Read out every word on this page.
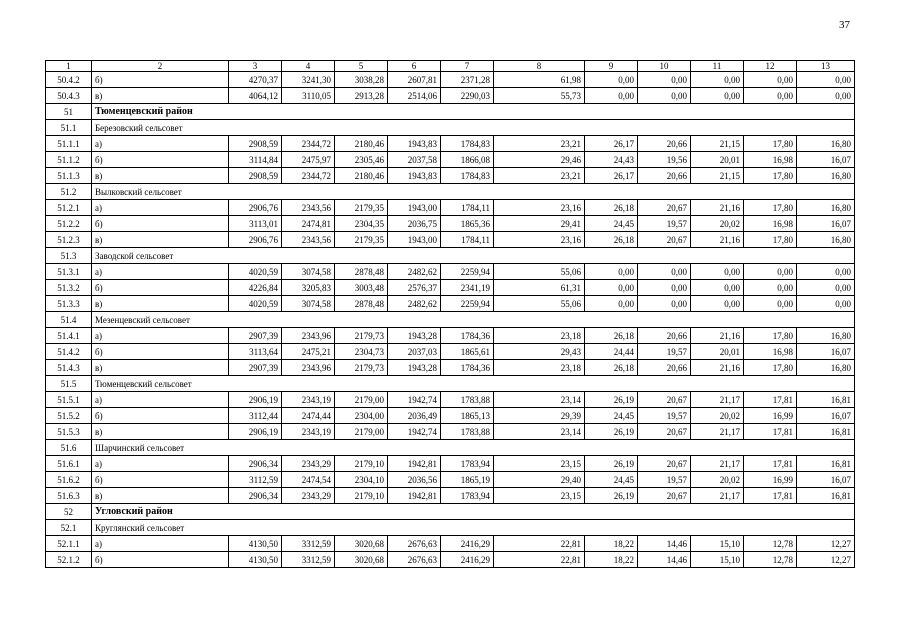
37
1	2	3	4	5	6	7	8	9	10	11	12	13
50.4.2	б)	4270,37	3241,30	3038,28	2607,81	2371,28	61,98	0,00	0,00	0,00	0,00	0,00
50.4.3	в)	4064,12	3110,05	2913,28	2514,06	2290,03	55,73	0,00	0,00	0,00	0,00	0,00
51	Тюменцевский район											
51.1	Березовский сельсовет											
51.1.1	а)	2908,59	2344,72	2180,46	1943,83	1784,83	23,21	26,17	20,66	21,15	17,80	16,80
51.1.2	б)	3114,84	2475,97	2305,46	2037,58	1866,08	29,46	24,43	19,56	20,01	16,98	16,07
51.1.3	в)	2908,59	2344,72	2180,46	1943,83	1784,83	23,21	26,17	20,66	21,15	17,80	16,80
51.2	Вылковский сельсовет											
51.2.1	а)	2906,76	2343,56	2179,35	1943,00	1784,11	23,16	26,18	20,67	21,16	17,80	16,80
51.2.2	б)	3113,01	2474,81	2304,35	2036,75	1865,36	29,41	24,45	19,57	20,02	16,98	16,07
51.2.3	в)	2906,76	2343,56	2179,35	1943,00	1784,11	23,16	26,18	20,67	21,16	17,80	16,80
51.3	Заводской сельсовет											
51.3.1	а)	4020,59	3074,58	2878,48	2482,62	2259,94	55,06	0,00	0,00	0,00	0,00	0,00
51.3.2	б)	4226,84	3205,83	3003,48	2576,37	2341,19	61,31	0,00	0,00	0,00	0,00	0,00
51.3.3	в)	4020,59	3074,58	2878,48	2482,62	2259,94	55,06	0,00	0,00	0,00	0,00	0,00
51.4	Мезенцевский сельсовет											
51.4.1	а)	2907,39	2343,96	2179,73	1943,28	1784,36	23,18	26,18	20,66	21,16	17,80	16,80
51.4.2	б)	3113,64	2475,21	2304,73	2037,03	1865,61	29,43	24,44	19,57	20,01	16,98	16,07
51.4.3	в)	2907,39	2343,96	2179,73	1943,28	1784,36	23,18	26,18	20,66	21,16	17,80	16,80
51.5	Тюменцевский сельсовет											
51.5.1	а)	2906,19	2343,19	2179,00	1942,74	1783,88	23,14	26,19	20,67	21,17	17,81	16,81
51.5.2	б)	3112,44	2474,44	2304,00	2036,49	1865,13	29,39	24,45	19,57	20,02	16,99	16,07
51.5.3	в)	2906,19	2343,19	2179,00	1942,74	1783,88	23,14	26,19	20,67	21,17	17,81	16,81
51.6	Шарчинский сельсовет											
51.6.1	а)	2906,34	2343,29	2179,10	1942,81	1783,94	23,15	26,19	20,67	21,17	17,81	16,81
51.6.2	б)	3112,59	2474,54	2304,10	2036,56	1865,19	29,40	24,45	19,57	20,02	16,99	16,07
51.6.3	в)	2906,34	2343,29	2179,10	1942,81	1783,94	23,15	26,19	20,67	21,17	17,81	16,81
52	Угловский район											
52.1	Круглянский сельсовет											
52.1.1	а)	4130,50	3312,59	3020,68	2676,63	2416,29	22,81	18,22	14,46	15,10	12,78	12,27
52.1.2	б)	4130,50	3312,59	3020,68	2676,63	2416,29	22,81	18,22	14,46	15,10	12,78	12,27
